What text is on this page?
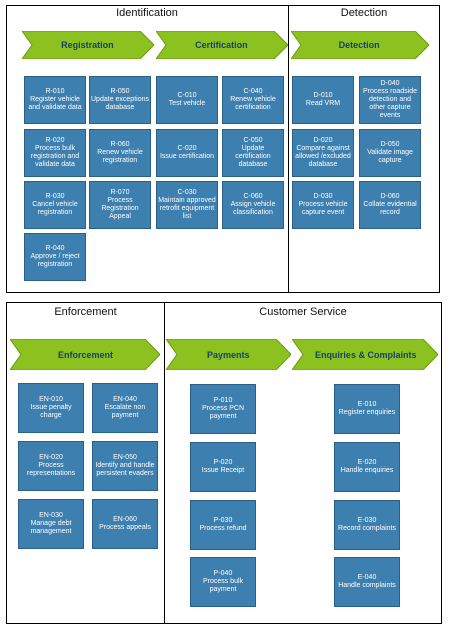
Identification	Detection
Registration	Certification	Detection
R-010
Register vehicle and validate data
R-050
Update exceptions database
R-020
Process bulk registration and validate data
R-060
Renew vehicle registration
R-030
Cancel vehicle registration
R-070
Process Registration Appeal
R-040
Approve / reject registration
C-010
Test vehicle
C-040
Renew vehicle certification
C-020
Issue certification
C-050
Update certification database
C-030
Maintain approved retrofit equipment list
C-060
Assign vehicle classification
D-010
Read VRM
D-040
Process roadside detection and other capture events
D-020
Compare against allowed /excluded database
D-050
Validate image capture
D-030
Process vehicle capture event
D-060
Collate evidential record
Enforcement	Customer Service
Enforcement	Payments	Enquiries & Complaints
EN-010
Issue penalty charge
EN-040
Escalate non payment
EN-020
Process representations
EN-050
Identify and handle persistent evaders
EN-030
Manage debt management
EN-060
Process appeals
P-010
Process PCN payment
P-020
Issue Receipt
P-030
Process refund
P-040
Process bulk payment
E-010
Register enquiries
E-020
Handle enquiries
E-030
Record complaints
E-040
Handle complaints
